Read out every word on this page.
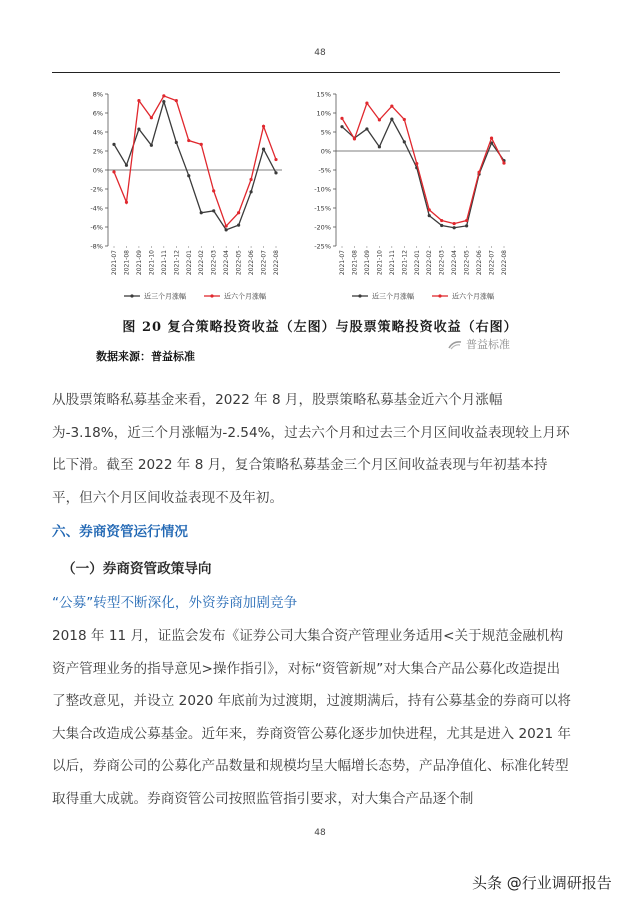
48
8%
6%
4%
2%
0%
-2%
-4%
-6%
-8%
2021-07 2021-08 2021-09 2021-10 2021-11 2021-12 2022-01 2022-02 2022-03 2022-04 2022-05 2022-06 2022-07 2022-08
近三个月涨幅	近六个月涨幅
15%
10%
5%
0%
-5%
-10%
-15%
-20%
-25%
2021-07 2021-08 2021-09 2021-10 2021-11 2021-12 2022-01 2022-02 2022-03 2022-04 2022-05 2022-06 2022-07 2022-08
近三个月涨幅	近六个月涨幅
图 20 复合策略投资收益（左图）与股票策略投资收益（右图）
数据来源：普益标准
普益标准
从股票策略私募基金来看，2022 年 8 月，股票策略私募基金近六个月涨幅为-3.18%，近三个月涨幅为-2.54%，过去六个月和过去三个月区间收益表现较上月环比下滑。截至 2022 年 8 月，复合策略私募基金三个月区间收益表现与年初基本持平，但六个月区间收益表现不及年初。
六、券商资管运行情况
（一）券商资管政策导向
“公募”转型不断深化，外资券商加剧竞争
2018 年 11 月，证监会发布《证券公司大集合资产管理业务适用<关于规范金融机构资产管理业务的指导意见>操作指引》，对标“资管新规”对大集合产品公募化改造提出了整改意见，并设立 2020 年底前为过渡期，过渡期满后，持有公募基金的券商可以将大集合改造成公募基金。近年来，券商资管公募化逐步加快进程，尤其是进入 2021 年以后，券商公司的公募化产品数量和规模均呈大幅增长态势，产品净值化、标准化转型取得重大成就。券商资管公司按照监管指引要求，对大集合产品逐个制
48
头条 @行业调研报告
